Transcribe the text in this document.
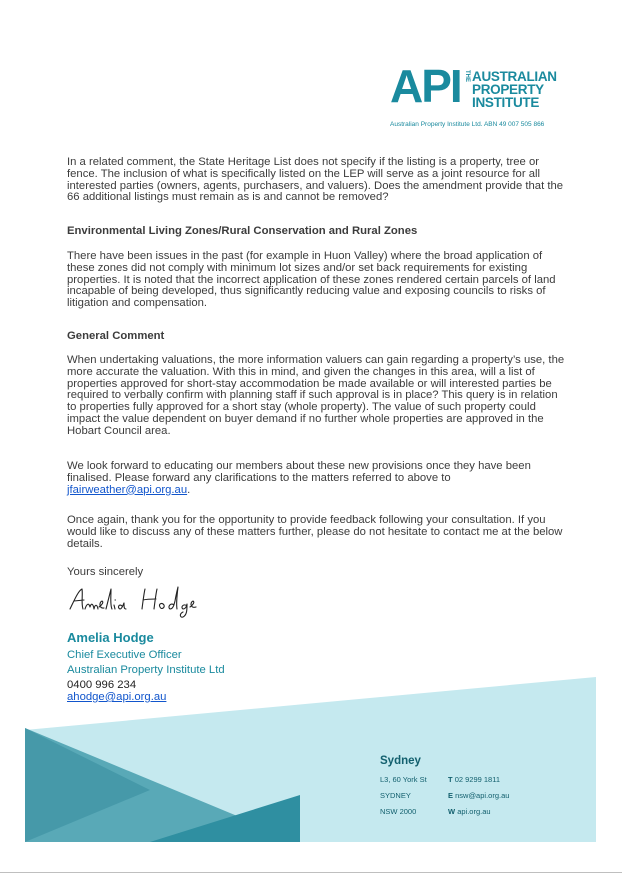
API THE AUSTRALIAN
PROPERTY
INSTITUTE
Australian Property Institute Ltd. ABN 49 007 505 866
In a related comment, the State Heritage List does not specify if the listing is a property, tree or fence. The inclusion of what is specifically listed on the LEP will serve as a joint resource for all interested parties (owners, agents, purchasers, and valuers). Does the amendment provide that the 66 additional listings must remain as is and cannot be removed?
Environmental Living Zones/Rural Conservation and Rural Zones
There have been issues in the past (for example in Huon Valley) where the broad application of these zones did not comply with minimum lot sizes and/or set back requirements for existing properties. It is noted that the incorrect application of these zones rendered certain parcels of land incapable of being developed, thus significantly reducing value and exposing councils to risks of litigation and compensation.
General Comment
When undertaking valuations, the more information valuers can gain regarding a property’s use, the more accurate the valuation. With this in mind, and given the changes in this area, will a list of properties approved for short-stay accommodation be made available or will interested parties be required to verbally confirm with planning staff if such approval is in place? This query is in relation to properties fully approved for a short stay (whole property). The value of such property could impact the value dependent on buyer demand if no further whole properties are approved in the Hobart Council area.
We look forward to educating our members about these new provisions once they have been finalised. Please forward any clarifications to the matters referred to above to jfairweather@api.org.au.
Once again, thank you for the opportunity to provide feedback following your consultation. If you would like to discuss any of these matters further, please do not hesitate to contact me at the below details.
Yours sincerely
Amelia Hodge
Chief Executive Officer
Australian Property Institute Ltd
0400 996 234
ahodge@api.org.au
Sydney
L3, 60 York St
SYDNEY
NSW 2000
T 02 9299 1811
E nsw@api.org.au
W api.org.au
